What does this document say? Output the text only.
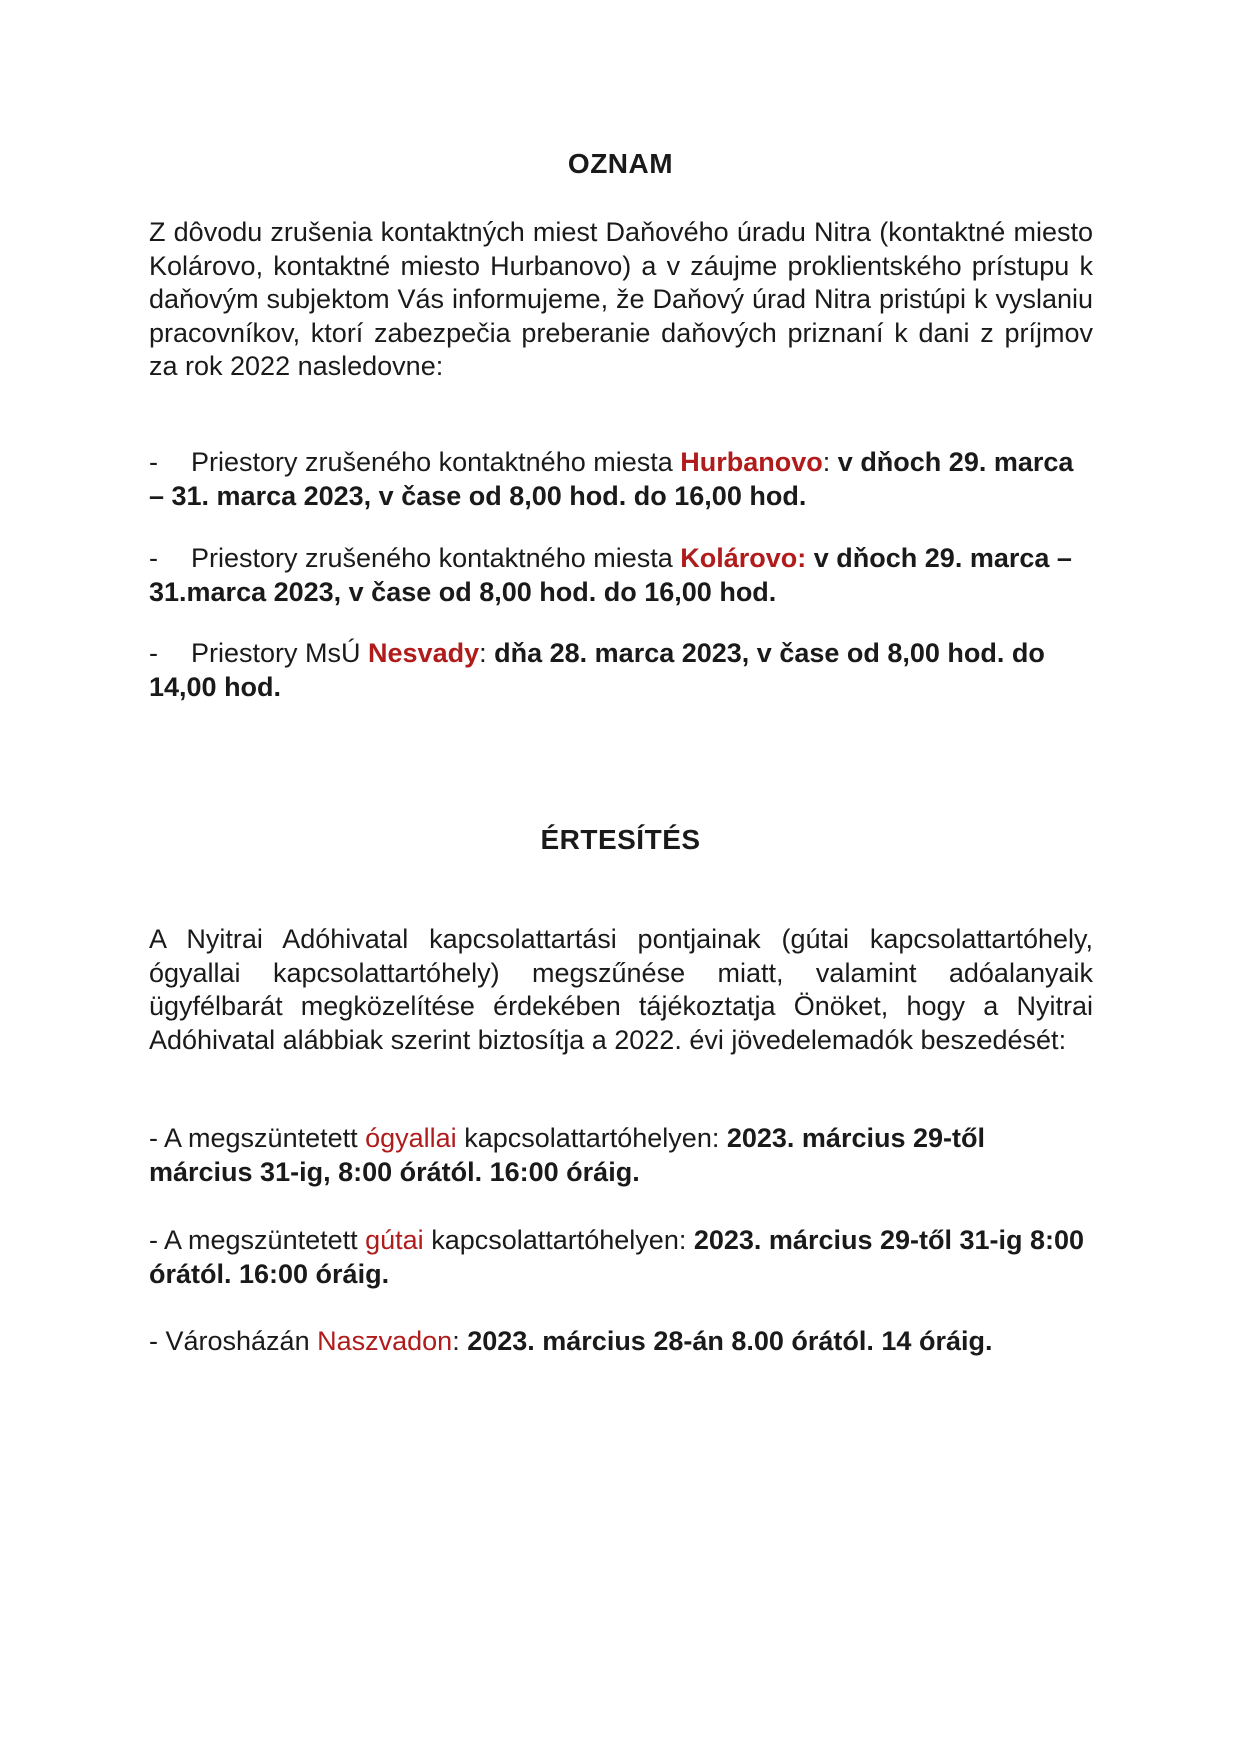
OZNAM

Z dôvodu zrušenia kontaktných miest Daňového úradu Nitra (kontaktné miesto Kolárovo, kontaktné miesto Hurbanovo) a v záujme proklientského prístupu k daňovým subjektom Vás informujeme, že Daňový úrad Nitra pristúpi k vyslaniu pracovníkov, ktorí zabezpečia preberanie daňových priznaní k dani z príjmov za rok 2022 nasledovne:

- Priestory zrušeného kontaktného miesta Hurbanovo: v dňoch 29. marca – 31. marca 2023, v čase od 8,00 hod. do 16,00 hod.

- Priestory zrušeného kontaktného miesta Kolárovo: v dňoch 29. marca – 31.marca 2023, v čase od 8,00 hod. do 16,00 hod.

- Priestory MsÚ Nesvady: dňa 28. marca 2023, v čase od 8,00 hod. do 14,00 hod.

ÉRTESÍTÉS

A Nyitrai Adóhivatal kapcsolattartási pontjainak (gútai kapcsolattartóhely, ógyallai kapcsolattartóhely) megszűnése miatt, valamint adóalanyaik ügyfélbarát megközelítése érdekében tájékoztatja Önöket, hogy a Nyitrai Adóhivatal alábbiak szerint biztosítja a 2022. évi jövedelemadók beszedését:

- A megszüntetett ógyallai kapcsolattartóhelyen: 2023. március 29-től március 31-ig, 8:00 órától. 16:00 óráig.

- A megszüntetett gútai kapcsolattartóhelyen: 2023. március 29-től 31-ig 8:00 órától. 16:00 óráig.

- Városházán Naszvadon: 2023. március 28-án 8.00 órától. 14 óráig.
